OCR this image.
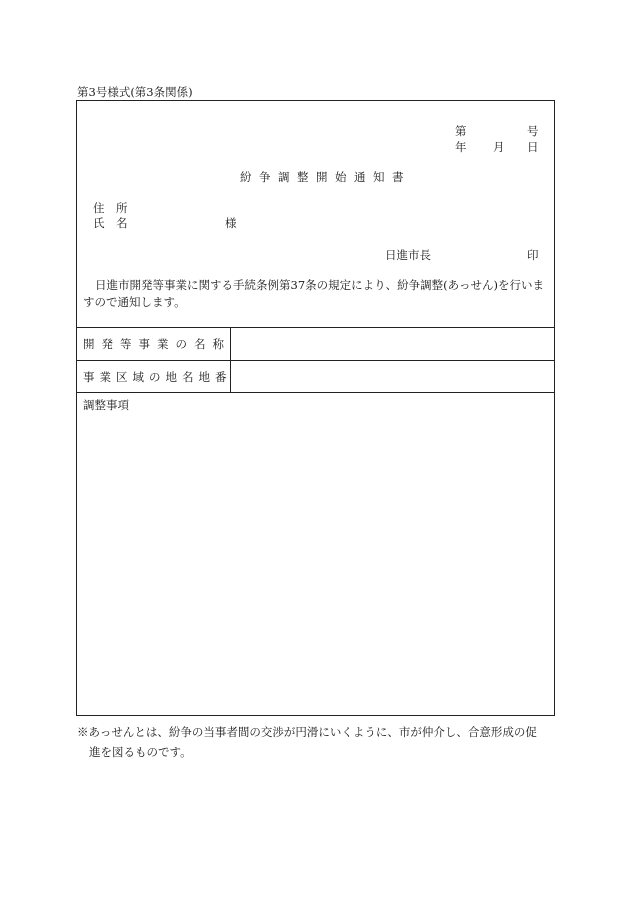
第3号様式(第3条関係)
第	号
年 月 日
紛争調整開始通知書
住　所
氏　名	様
日進市長	印
日進市開発等事業に関する手続条例第37条の規定により、紛争調整(あっせん)を行いますので通知します。
開発等事業の名称
事業区域の地名地番
調整事項
※あっせんとは、紛争の当事者間の交渉が円滑にいくように、市が仲介し、合意形成の促
進を図るものです。
